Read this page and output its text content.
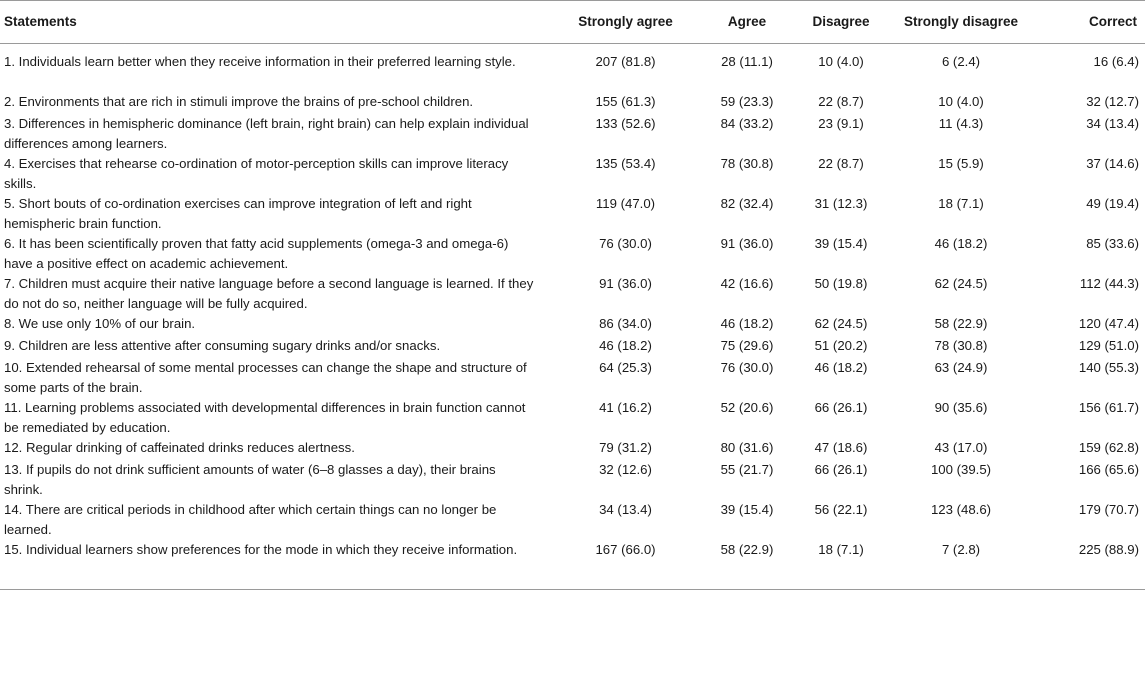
Statements	Strongly agree	Agree	Disagree	Strongly disagree	Correct
1. Individuals learn better when they receive information in their preferred learning style.	207 (81.8)	28 (11.1)	10 (4.0)	6 (2.4)	16 (6.4)
2. Environments that are rich in stimuli improve the brains of pre-school children.	155 (61.3)	59 (23.3)	22 (8.7)	10 (4.0)	32 (12.7)
3. Differences in hemispheric dominance (left brain, right brain) can help explain individual differences among learners.	133 (52.6)	84 (33.2)	23 (9.1)	11 (4.3)	34 (13.4)
4. Exercises that rehearse co-ordination of motor-perception skills can improve literacy skills.	135 (53.4)	78 (30.8)	22 (8.7)	15 (5.9)	37 (14.6)
5. Short bouts of co-ordination exercises can improve integration of left and right hemispheric brain function.	119 (47.0)	82 (32.4)	31 (12.3)	18 (7.1)	49 (19.4)
6. It has been scientifically proven that fatty acid supplements (omega-3 and omega-6) have a positive effect on academic achievement.	76 (30.0)	91 (36.0)	39 (15.4)	46 (18.2)	85 (33.6)
7. Children must acquire their native language before a second language is learned. If they do not do so, neither language will be fully acquired.	91 (36.0)	42 (16.6)	50 (19.8)	62 (24.5)	112 (44.3)
8. We use only 10% of our brain.	86 (34.0)	46 (18.2)	62 (24.5)	58 (22.9)	120 (47.4)
9. Children are less attentive after consuming sugary drinks and/or snacks.	46 (18.2)	75 (29.6)	51 (20.2)	78 (30.8)	129 (51.0)
10. Extended rehearsal of some mental processes can change the shape and structure of some parts of the brain.	64 (25.3)	76 (30.0)	46 (18.2)	63 (24.9)	140 (55.3)
11. Learning problems associated with developmental differences in brain function cannot be remediated by education.	41 (16.2)	52 (20.6)	66 (26.1)	90 (35.6)	156 (61.7)
12. Regular drinking of caffeinated drinks reduces alertness.	79 (31.2)	80 (31.6)	47 (18.6)	43 (17.0)	159 (62.8)
13. If pupils do not drink sufficient amounts of water (6–8 glasses a day), their brains shrink.	32 (12.6)	55 (21.7)	66 (26.1)	100 (39.5)	166 (65.6)
14. There are critical periods in childhood after which certain things can no longer be learned.	34 (13.4)	39 (15.4)	56 (22.1)	123 (48.6)	179 (70.7)
15. Individual learners show preferences for the mode in which they receive information.	167 (66.0)	58 (22.9)	18 (7.1)	7 (2.8)	225 (88.9)
